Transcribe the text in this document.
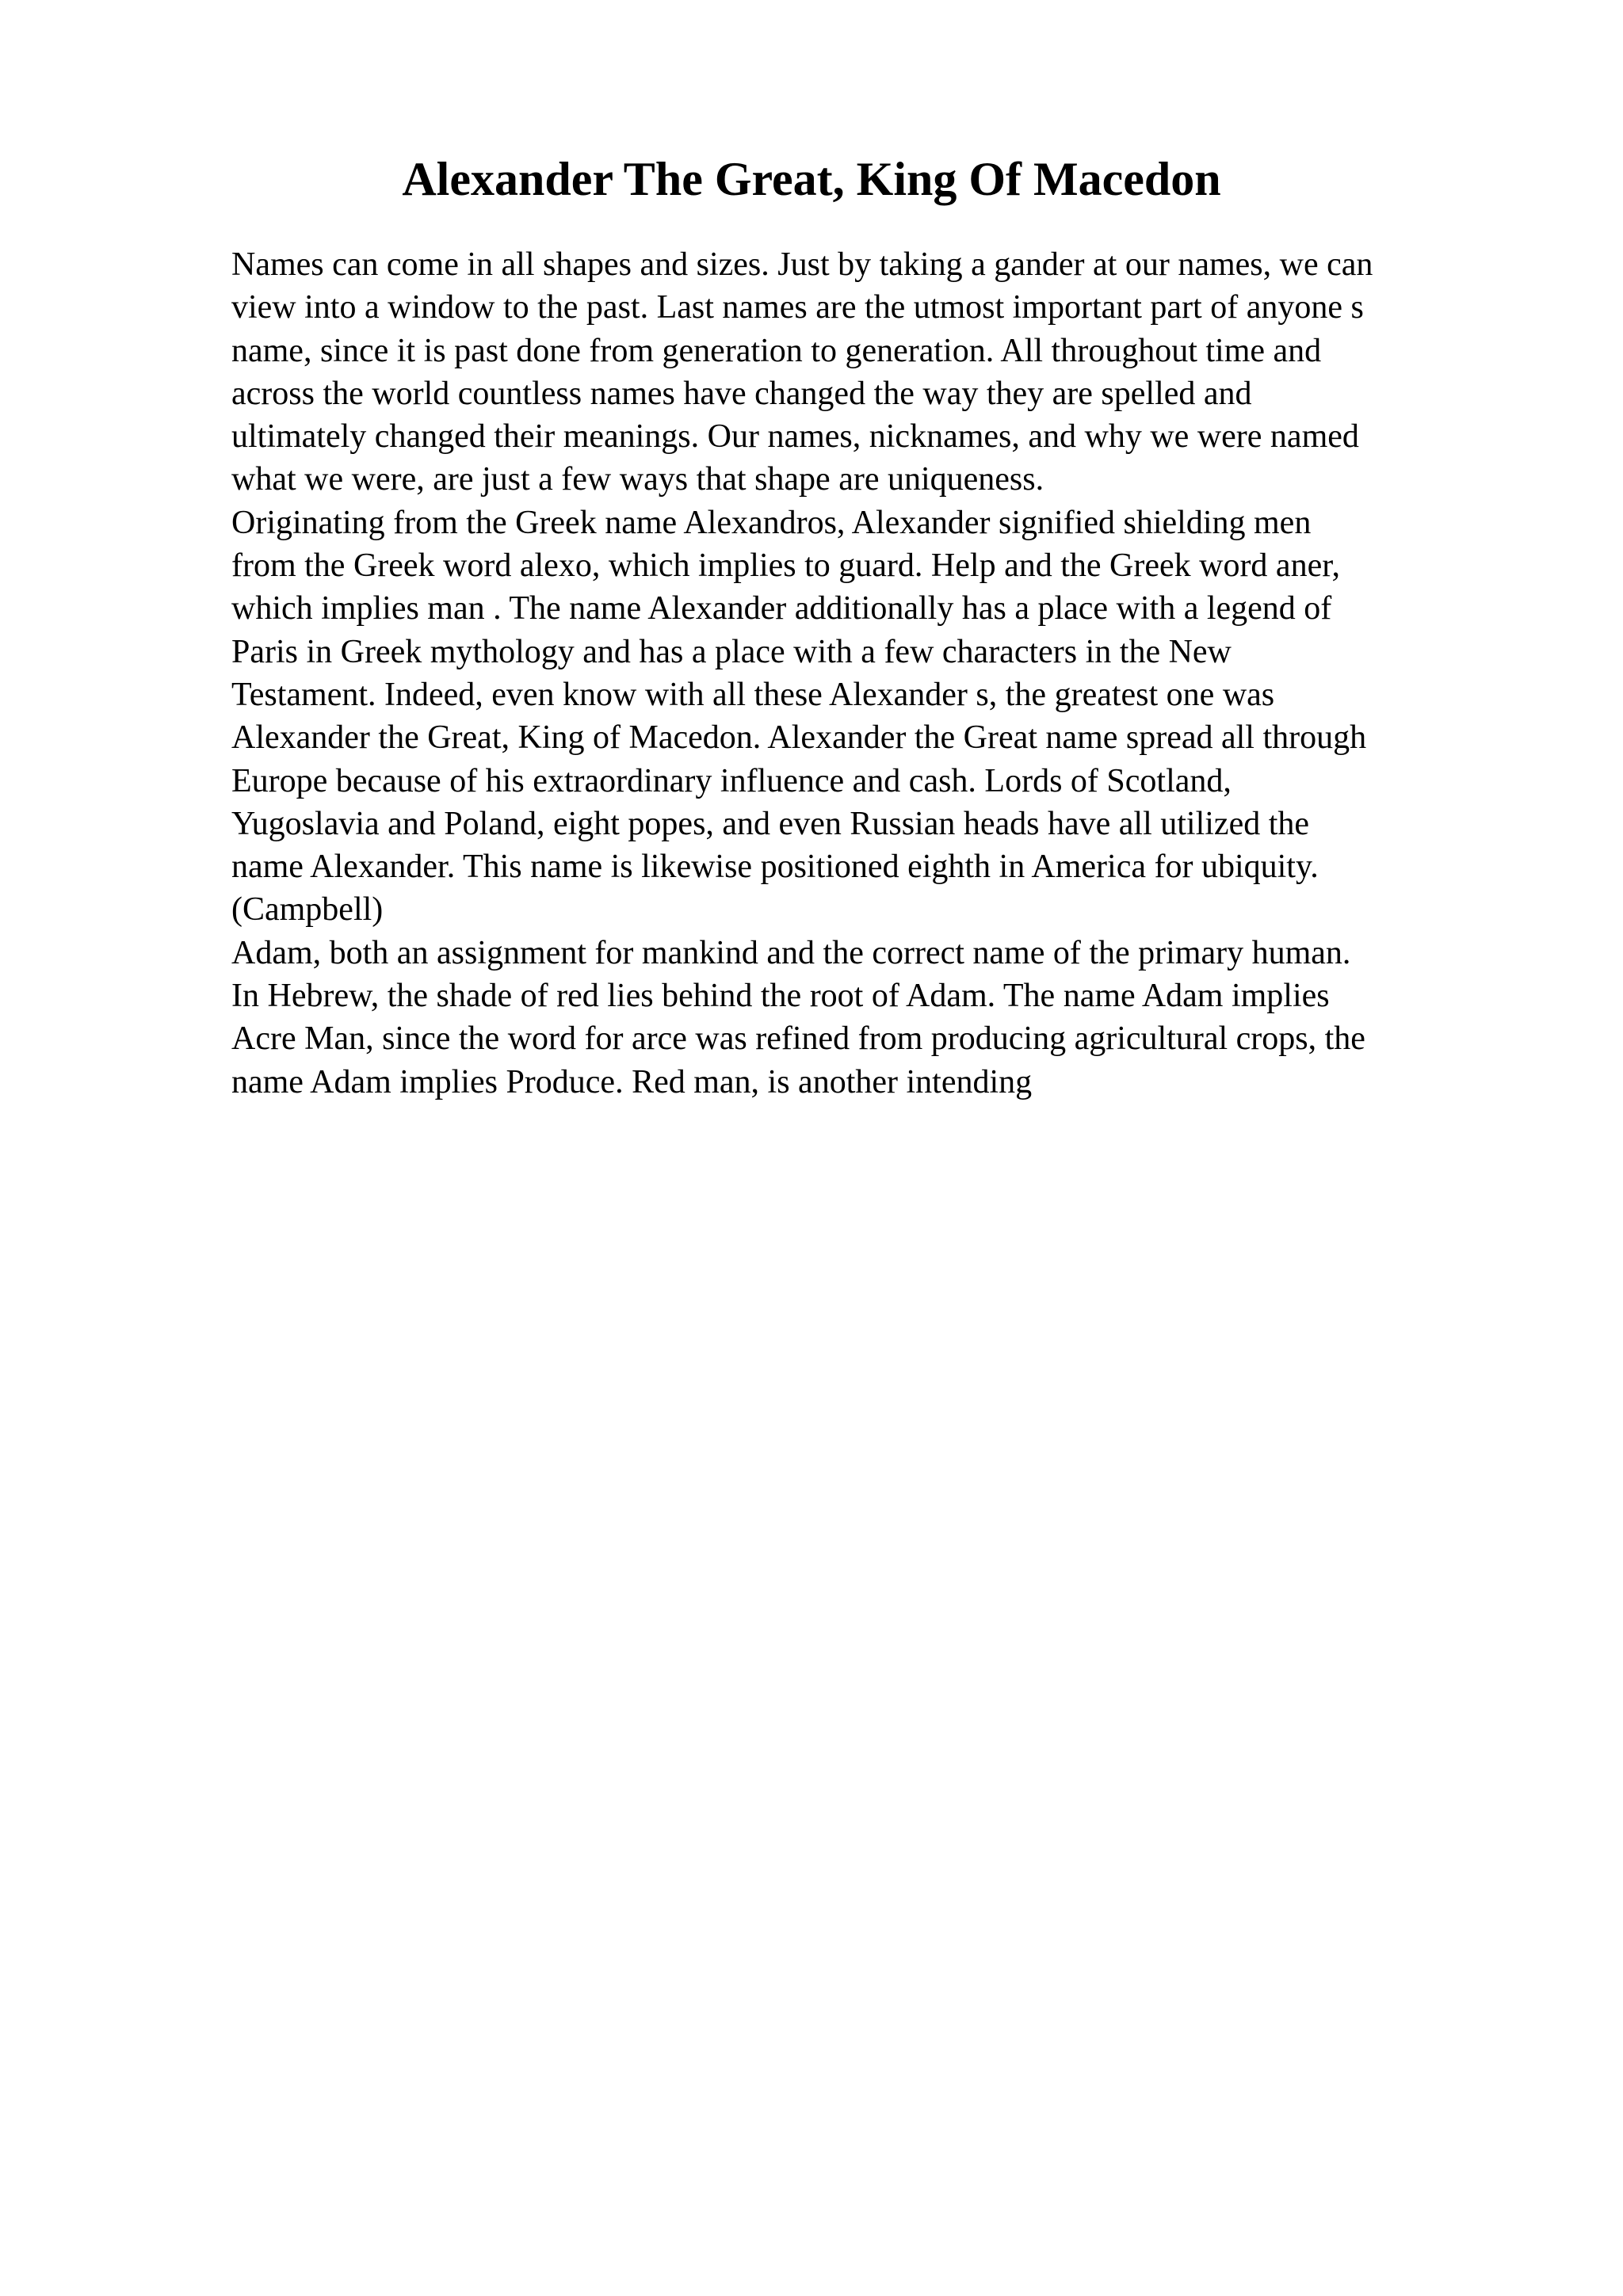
Alexander The Great, King Of Macedon
Names can come in all shapes and sizes. Just by taking a gander at our names, we can
view into a window to the past. Last names are the utmost important part of anyone s
name, since it is past done from generation to generation. All throughout time and
across the world countless names have changed the way they are spelled and
ultimately changed their meanings. Our names, nicknames, and why we were named
what we were, are just a few ways that shape are uniqueness.
Originating from the Greek name Alexandros, Alexander signified shielding men
from the Greek word alexo, which implies to guard. Help and the Greek word aner,
which implies man . The name Alexander additionally has a place with a legend of
Paris in Greek mythology and has a place with a few characters in the New
Testament. Indeed, even know with all these Alexander s, the greatest one was
Alexander the Great, King of Macedon. Alexander the Great name spread all through
Europe because of his extraordinary influence and cash. Lords of Scotland,
Yugoslavia and Poland, eight popes, and even Russian heads have all utilized the
name Alexander. This name is likewise positioned eighth in America for ubiquity.
(Campbell)
Adam, both an assignment for mankind and the correct name of the primary human.
In Hebrew, the shade of red lies behind the root of Adam. The name Adam implies
Acre Man, since the word for arce was refined from producing agricultural crops, the
name Adam implies Produce. Red man, is another intending
